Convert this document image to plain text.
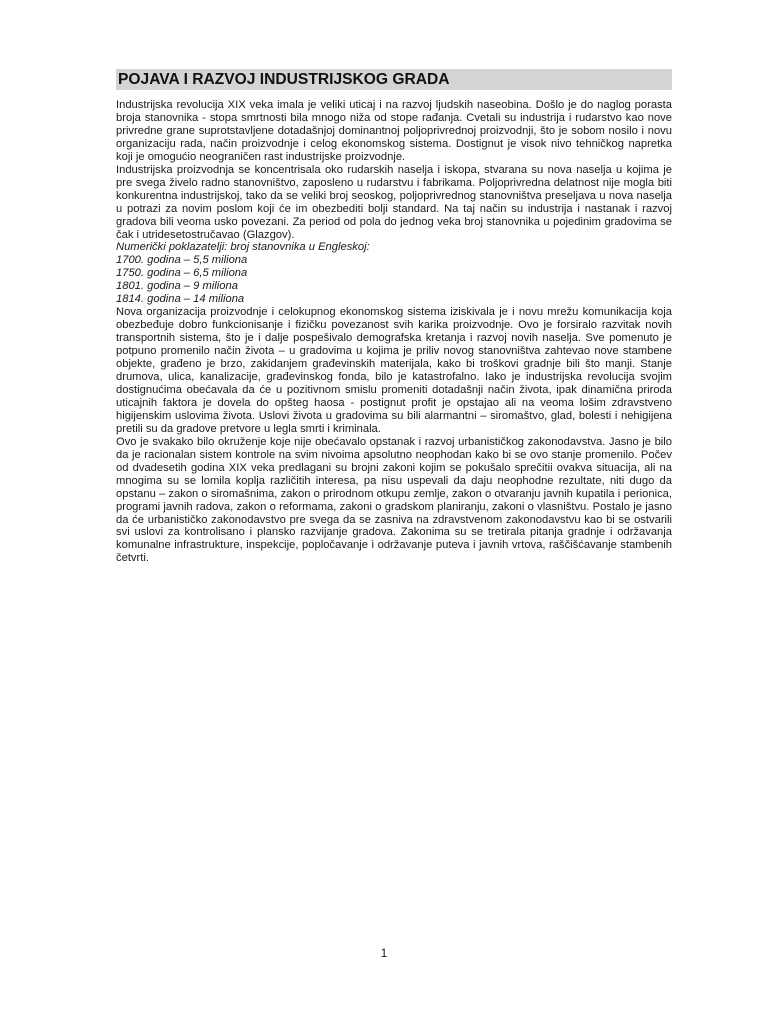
POJAVA I RAZVOJ INDUSTRIJSKOG GRADA

Industrijska revolucija XIX veka imala je veliki uticaj i na razvoj ljudskih naseobina. Došlo je do naglog porasta broja stanovnika - stopa smrtnosti bila mnogo niža od stope rađanja. Cvetali su industrija i rudarstvo kao nove privredne grane suprotstavljene dotadašnjoj dominantnoj poljoprivrednoj proizvodnji, što je sobom nosilo i novu organizaciju rada, način proizvodnje i celog ekonomskog sistema. Dostignut je visok nivo tehničkog napretka koji je omogućio neograničen rast industrijske proizvodnje.

Industrijska proizvodnja se koncentrisala oko rudarskih naselja i iskopa, stvarana su nova naselja u kojima je pre svega živelo radno stanovništvo, zaposleno u rudarstvu i fabrikama. Poljoprivredna delatnost nije mogla biti konkurentna industrijskoj, tako da se veliki broj seoskog, poljoprivrednog stanovništva preseljava u nova naselja u potrazi za novim poslom koji će im obezbediti bolji standard. Na taj način su industrija i nastanak i razvoj gradova bili veoma usko povezani. Za period od pola do jednog veka broj stanovnika u pojedinim gradovima se čak i utridesetostručavao (Glazgov).

Numerički poklazatelji: broj stanovnika u Engleskoj:
1700. godina – 5,5 miliona
1750. godina – 6,5 miliona
1801. godina – 9 miliona
1814. godina – 14 miliona

Nova organizacija proizvodnje i celokupnog ekonomskog sistema iziskivala je i novu mrežu komunikacija koja obezbeđuje dobro funkcionisanje i fizičku povezanost svih karika proizvodnje. Ovo je forsiralo razvitak novih transportnih sistema, što je i dalje pospešivalo demografska kretanja i razvoj novih naselja. Sve pomenuto je potpuno promenilo način života – u gradovima u kojima je priliv novog stanovništva zahtevao nove stambene objekte, građeno je brzo, zakidanjem građevinskih materijala, kako bi troškovi gradnje bili što manji. Stanje drumova, ulica, kanalizacije, građevinskog fonda, bilo je katastrofalno. Iako je industrijska revolucija svojim dostignućima obećavala da će u pozitivnom smislu promeniti dotadašnji način života, ipak dinamična priroda uticajnih faktora je dovela do opšteg haosa - postignut profit je opstajao ali na veoma lošim zdravstveno higijenskim uslovima života. Uslovi života u gradovima su bili alarmantni – siromaštvo, glad, bolesti i nehigijena pretili su da gradove pretvore u legla smrti i kriminala.

Ovo je svakako bilo okruženje koje nije obećavalo opstanak i razvoj urbanističkog zakonodavstva. Jasno je bilo da je racionalan sistem kontrole na svim nivoima apsolutno neophodan kako bi se ovo stanje promenilo. Počev od dvadesetih godina XIX veka predlagani su brojni zakoni kojim se pokušalo sprečitii ovakva situacija, ali na mnogima su se lomila koplja različitih interesa, pa nisu uspevali da daju neophodne rezultate, niti dugo da opstanu – zakon o siromašnima, zakon o prirodnom otkupu zemlje, zakon o otvaranju javnih kupatila i perionica, programi javnih radova, zakon o reformama, zakoni o gradskom planiranju, zakoni o vlasništvu. Postalo je jasno da će urbanističko zakonodavstvo pre svega da se zasniva na zdravstvenom zakonodavstvu kao bi se ostvarili svi uslovi za kontrolisano i plansko razvijanje gradova. Zakonima su se tretirala pitanja gradnje i održavanja komunalne infrastrukture, inspekcije, popločavanje i održavanje puteva i javnih vrtova, raščišćavanje stambenih četvrti.

1
